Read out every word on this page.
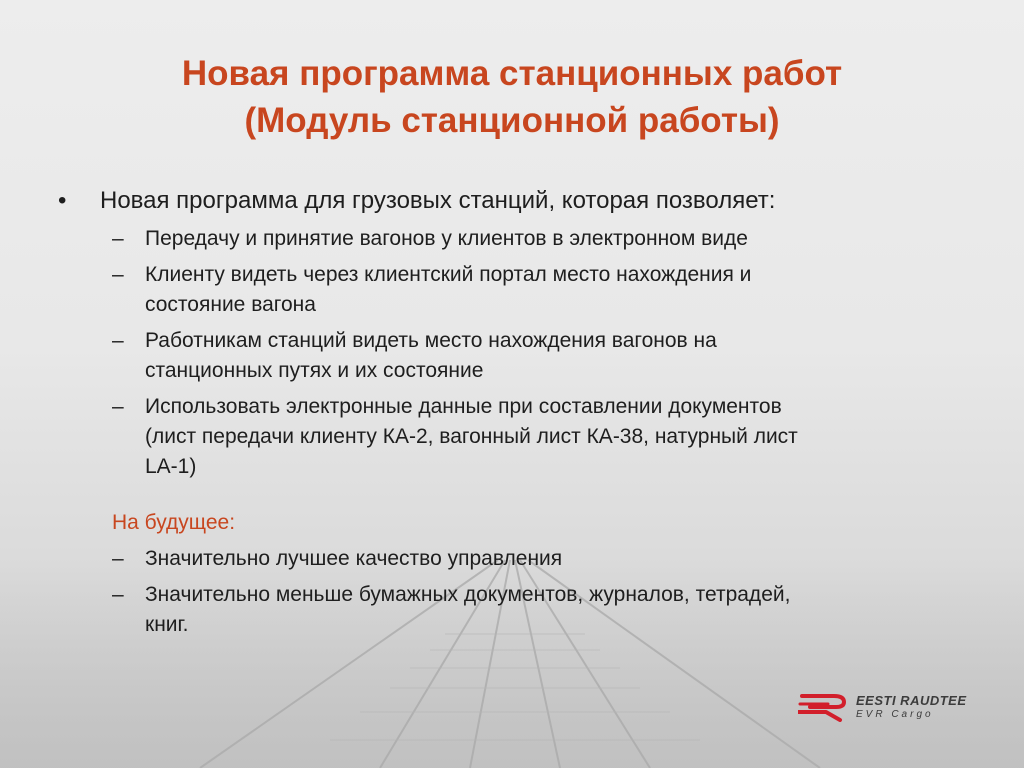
Новая программа станционных работ
(Модуль станционной работы)
•	Новая программа для грузовых станций, которая позволяет:
–	Передачу и принятие вагонов у клиентов в электронном виде
–	Клиенту видеть через клиентский портал место нахождения и
состояние вагона
–	Работникам станций видеть место нахождения вагонов на
станционных путях и их состояние
–	Использовать электронные данные при составлении документов
(лист передачи клиенту КА-2, вагонный лист КА-38, натурный лист
LA-1)
На будущее:
–	Значительно лучшее качество управления
–	Значительно меньше бумажных документов, журналов, тетрадей,
книг.
EESTI RAUDTEE
EVR Cargo
